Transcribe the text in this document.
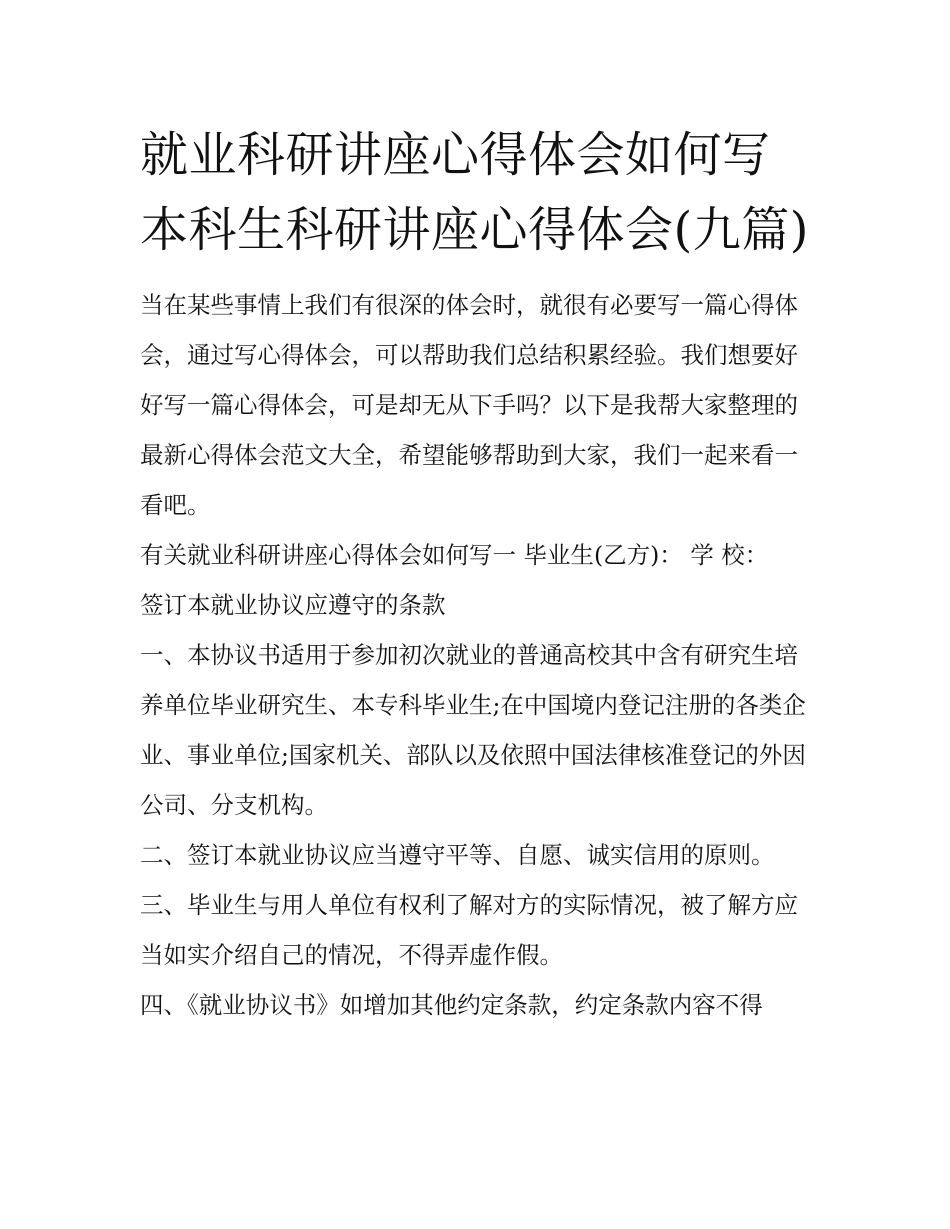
就业科研讲座心得体会如何写 本科生科研讲座心得体会(九篇)

当在某些事情上我们有很深的体会时，就很有必要写一篇心得体会，通过写心得体会，可以帮助我们总结积累经验。我们想要好好写一篇心得体会，可是却无从下手吗？以下是我帮大家整理的最新心得体会范文大全，希望能够帮助到大家，我们一起来看一看吧。

有关就业科研讲座心得体会如何写一 毕业生(乙方)： 学 校：

签订本就业协议应遵守的条款

一、本协议书适用于参加初次就业的普通高校其中含有研究生培养单位毕业研究生、本专科毕业生;在中国境内登记注册的各类企业、事业单位;国家机关、部队以及依照中国法律核准登记的外因公司、分支机构。

二、签订本就业协议应当遵守平等、自愿、诚实信用的原则。

三、毕业生与用人单位有权利了解对方的实际情况，被了解方应当如实介绍自己的情况，不得弄虚作假。

四、《就业协议书》如增加其他约定条款，约定条款内容不得
